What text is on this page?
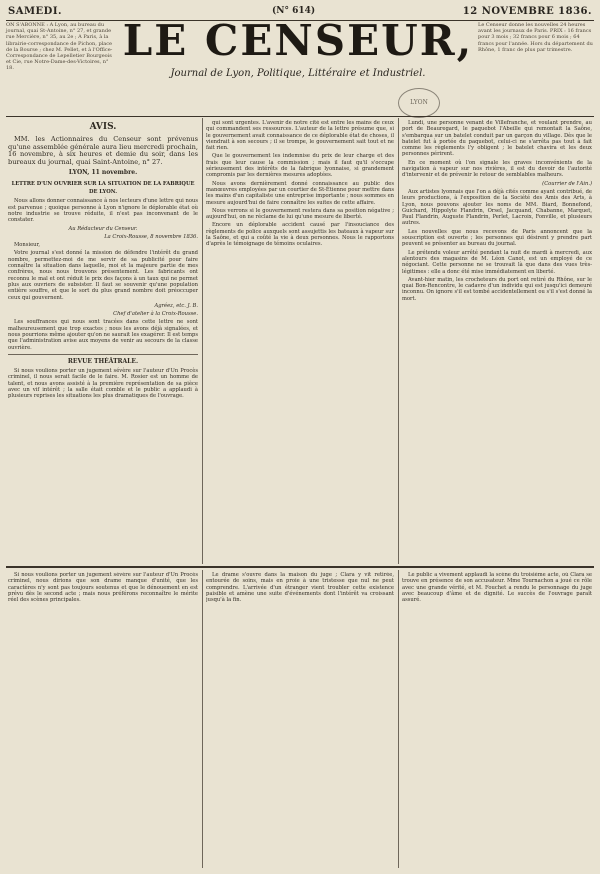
SAMEDI.	(N° 614)	12 NOVEMBRE 1836.
ON S'ABONNE : A Lyon, au bureau du journal, quai St-Antoine, n° 27, et grande rue Mercière, n° 35, au 2e ; A Paris, à la librairie-correspondance de Pichon, place de la Bourse ; chez M. Pellet, et à l'Office-Correspondance de Lepelletier Bourgeois et Cie, rue Notre-Dame-des-Victoires, n° 18.
LE CENSEUR,
Journal de Lyon, Politique, Littéraire et Industriel.
Le Censeur donne les nouvelles 24 heures avant les journaux de Paris. PRIX : 16 francs pour 3 mois ; 32 francs pour 6 mois ; 64 francs pour l'année. Hors du département du Rhône, 1 franc de plus par trimestre.
LYON
AVIS.

MM. les Actionnaires du Censeur sont prévenus qu'une assemblée générale aura lieu mercredi prochain, 16 novembre, à six heures et demie du soir, dans les bureaux du journal, quai Saint-Antoine, n° 27.

LYON, 11 novembre.
LETTRE D'UN OUVRIER SUR LA SITUATION DE LA FABRIQUE DE LYON.

Nous allons donner connaissance à nos lecteurs d'une lettre qui nous est parvenue ; quoique personne à Lyon n'ignore le déplorable état où notre industrie se trouve réduite, il n'est pas inconvenant de le constater.

Au Rédacteur du Censeur.

La Croix-Rousse, 8 novembre 1836.

Monsieur,

Votre journal s'est donné la mission de défendre l'intérêt du grand nombre, permettez-moi de me servir de sa publicité pour faire connaître la situation dans laquelle, moi et la majeure partie de mes confrères, nous nous trouvons présentement. Les fabricants ont reconnu le mal et ont réduit le prix des façons à un taux qui ne permet plus aux ouvriers de subsister. Il faut se souvenir qu'une population entière souffre, et que le sort du plus grand nombre doit préoccuper ceux qui gouvernent.

Agréez, etc. J. B.

Chef d'atelier à la Croix-Rousse.

Les souffrances qui nous sont tracées dans cette lettre ne sont malheureusement que trop exactes ; nous les avons déjà signalées, et nous pourrions même ajouter qu'on ne saurait les exagérer. Il est temps que l'administration avise aux moyens de venir au secours de la classe ouvrière.

REVUE THÉÂTRALE.

Si nous voulions porter un jugement sévère sur l'auteur d'Un Procès criminel, il nous serait facile de le faire. M. Rosier est un homme de talent, et nous avons assisté à la première représentation de sa pièce avec un vif intérêt ; la salle était comble et le public a applaudi à plusieurs reprises les situations les plus dramatiques de l'ouvrage.

qui sont urgentes. L'avenir de notre cité est entre les mains de ceux qui commandent ses ressources. L'auteur de la lettre présume que, si le gouvernement avait connaissance de ce déplorable état de choses, il viendrait à son secours ; il se trompe, le gouvernement sait tout et ne fait rien.

Que le gouvernement les indemnise du prix de leur charge et des frais que leur cause la commission ; mais il faut qu'il s'occupe sérieusement des intérêts de la fabrique lyonnaise, si grandement compromis par les dernières mesures adoptées.

Nous avons dernièrement donné connaissance au public des manœuvres employées par un courtier de St-Étienne pour mettre dans les mains d'un capitaliste une entreprise importante ; nous sommes en mesure aujourd'hui de faire connaître les suites de cette affaire.

Nous verrons si le gouvernement restera dans sa position négative ; aujourd'hui, on ne réclame de lui qu'une mesure de liberté.

Encore un déplorable accident causé par l'insouciance des règlements de police auxquels sont assujettis les bateaux à vapeur sur la Saône, et qui a coûté la vie à deux personnes. Nous le rapportons d'après le témoignage de témoins oculaires.

Lundi, une personne venant de Villefranche, et voulant prendre, au port de Beauregard, le paquebot l'Abeille qui remontait la Saône, s'embarqua sur un batelet conduit par un garçon du village. Dès que le batelet fut à portée du paquebot, celui-ci ne s'arrêta pas tout à fait comme les règlements l'y obligent ; le batelet chavira et les deux personnes périrent.

En ce moment où l'on signale les graves inconvénients de la navigation à vapeur sur nos rivières, il est du devoir de l'autorité d'intervenir et de prévenir le retour de semblables malheurs.

(Courrier de l'Ain.)

Aux artistes lyonnais que l'on a déjà cités comme ayant contribué, de leurs productions, à l'exposition de la Société des Amis des Arts, à Lyon, nous pouvons ajouter les noms de MM. Biard, Bonnefond, Guichard, Hippolyte Flandrin, Orsel, Jacquand, Chabanne, Marquet, Paul Flandrin, Auguste Flandrin, Perlet, Lacroix, Fonville, et plusieurs autres.

Les nouvelles que nous recevons de Paris annoncent que la souscription est ouverte ; les personnes qui désirent y prendre part peuvent se présenter au bureau du journal.

Le prétendu voleur arrêté pendant la nuit de mardi à mercredi, aux alentours des magasins de M. Léon Canot, est un employé de ce négociant. Cette personne ne se trouvait là que dans des vues très-légitimes : elle a donc été mise immédiatement en liberté.

Avant-hier matin, les crocheteurs du port ont retiré du Rhône, sur le quai Bon-Rencontre, le cadavre d'un individu qui est jusqu'ici demeuré inconnu. On ignore s'il est tombé accidentellement ou s'il s'est donné la mort.

Si nous voulions porter un jugement sévère sur l'auteur d'Un Procès criminel, nous dirions que son drame manque d'unité, que les caractères n'y sont pas toujours soutenus et que le dénouement en est prévu dès le second acte ; mais nous préférons reconnaître le mérite réel des scènes principales.

Le drame s'ouvre dans la maison du juge ; Clara y vit retirée, entourée de soins, mais en proie à une tristesse que nul ne peut comprendre. L'arrivée d'un étranger vient troubler cette existence paisible et amène une suite d'événements dont l'intérêt va croissant jusqu'à la fin.

Le public a vivement applaudi la scène du troisième acte, où Clara se trouve en présence de son accusateur. Mme Tournachon a joué ce rôle avec une grande vérité, et M. Fouchet a rendu le personnage du juge avec beaucoup d'âme et de dignité. Le succès de l'ouvrage paraît assuré.
